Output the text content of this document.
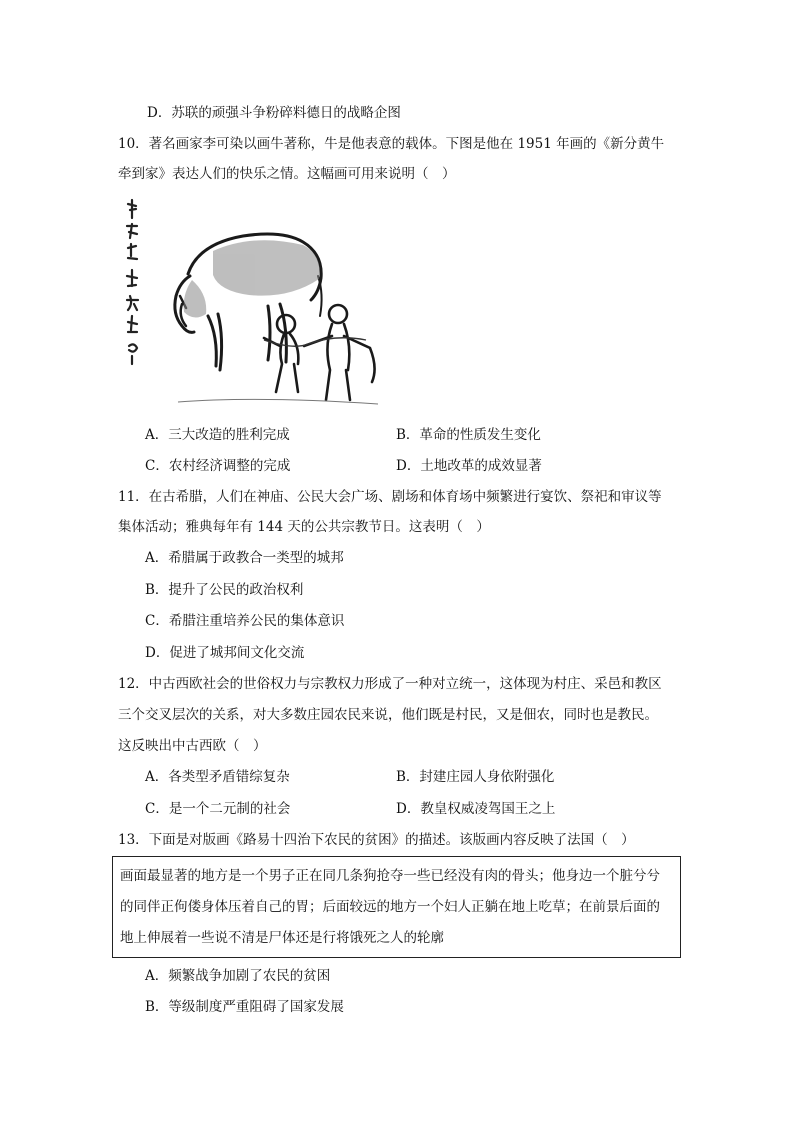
D．苏联的顽强斗争粉碎料德日的战略企图
10．著名画家李可染以画牛著称，牛是他表意的载体。下图是他在 1951 年画的《新分黄牛
牵到家》表达人们的快乐之情。这幅画可用来说明（　）
A．三大改造的胜利完成	B．革命的性质发生变化
C．农村经济调整的完成	D．土地改革的成效显著
11．在古希腊，人们在神庙、公民大会广场、剧场和体育场中频繁进行宴饮、祭祀和审议等
集体活动；雅典每年有 144 天的公共宗教节日。这表明（　）
A．希腊属于政教合一类型的城邦
B．提升了公民的政治权利
C．希腊注重培养公民的集体意识
D．促进了城邦间文化交流
12．中古西欧社会的世俗权力与宗教权力形成了一种对立统一，这体现为村庄、采邑和教区
三个交叉层次的关系，对大多数庄园农民来说，他们既是村民，又是佃农，同时也是教民。
这反映出中古西欧（　）
A．各类型矛盾错综复杂	B．封建庄园人身依附强化
C．是一个二元制的社会	D．教皇权威凌驾国王之上
13．下面是对版画《路易十四治下农民的贫困》的描述。该版画内容反映了法国（　）
画面最显著的地方是一个男子正在同几条狗抢夺一些已经没有肉的骨头；他身边一个脏兮兮
的同伴正佝偻身体压着自己的胃；后面较远的地方一个妇人正躺在地上吃草；在前景后面的
地上伸展着一些说不清是尸体还是行将饿死之人的轮廓
A．频繁战争加剧了农民的贫困
B．等级制度严重阻碍了国家发展
